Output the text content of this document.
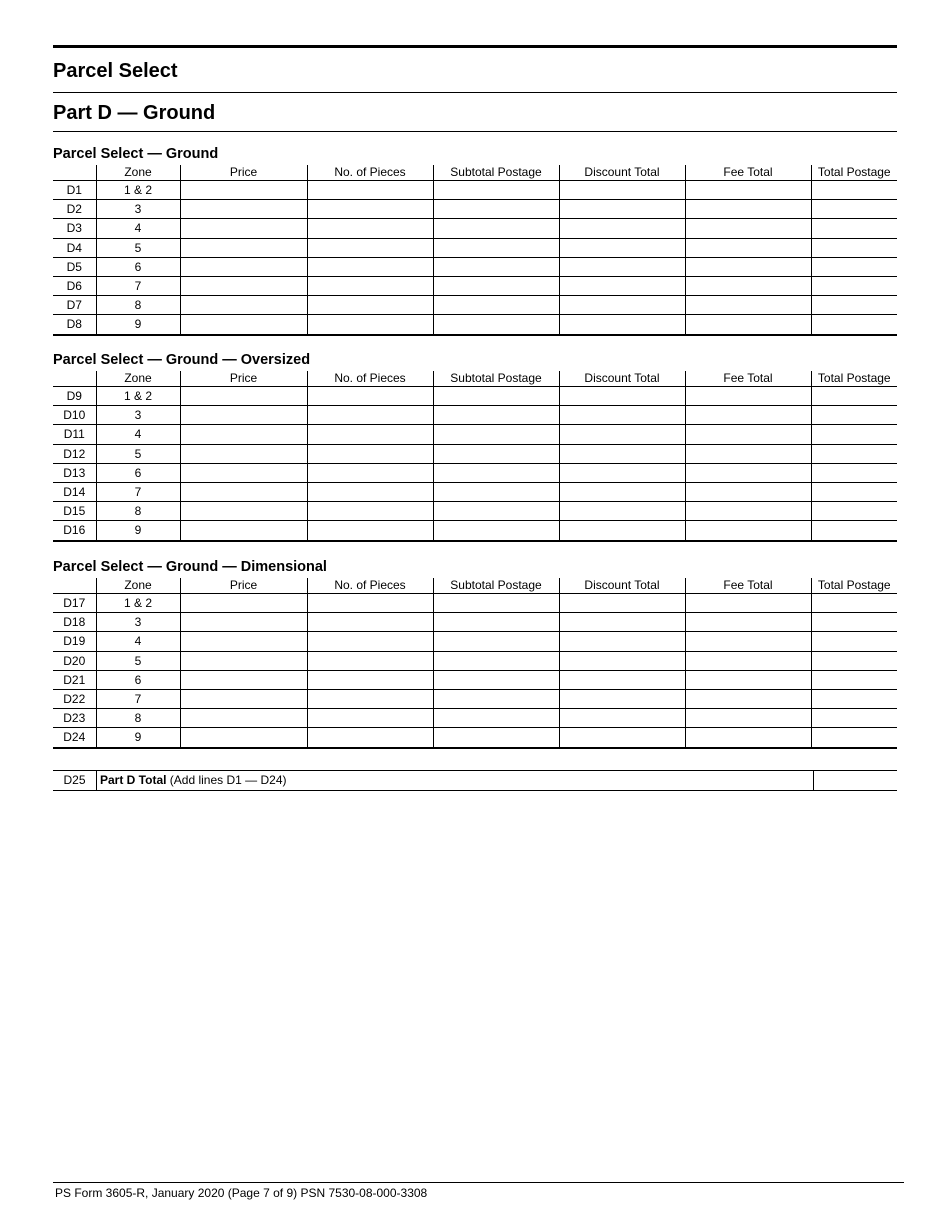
Parcel Select
Part D — Ground
Parcel Select — Ground
	Zone	Price	No. of Pieces	Subtotal Postage	Discount Total	Fee Total	Total Postage
D1	1 & 2						
D2	3						
D3	4						
D4	5						
D5	6						
D6	7						
D7	8						
D8	9						
Parcel Select — Ground — Oversized
	Zone	Price	No. of Pieces	Subtotal Postage	Discount Total	Fee Total	Total Postage
D9	1 & 2						
D10	3						
D11	4						
D12	5						
D13	6						
D14	7						
D15	8						
D16	9						
Parcel Select — Ground — Dimensional
	Zone	Price	No. of Pieces	Subtotal Postage	Discount Total	Fee Total	Total Postage
D17	1 & 2						
D18	3						
D19	4						
D20	5						
D21	6						
D22	7						
D23	8						
D24	9						
D25	Part D Total (Add lines D1 — D24)
PS Form 3605-R, January 2020 (Page 7 of 9) PSN 7530-08-000-3308
